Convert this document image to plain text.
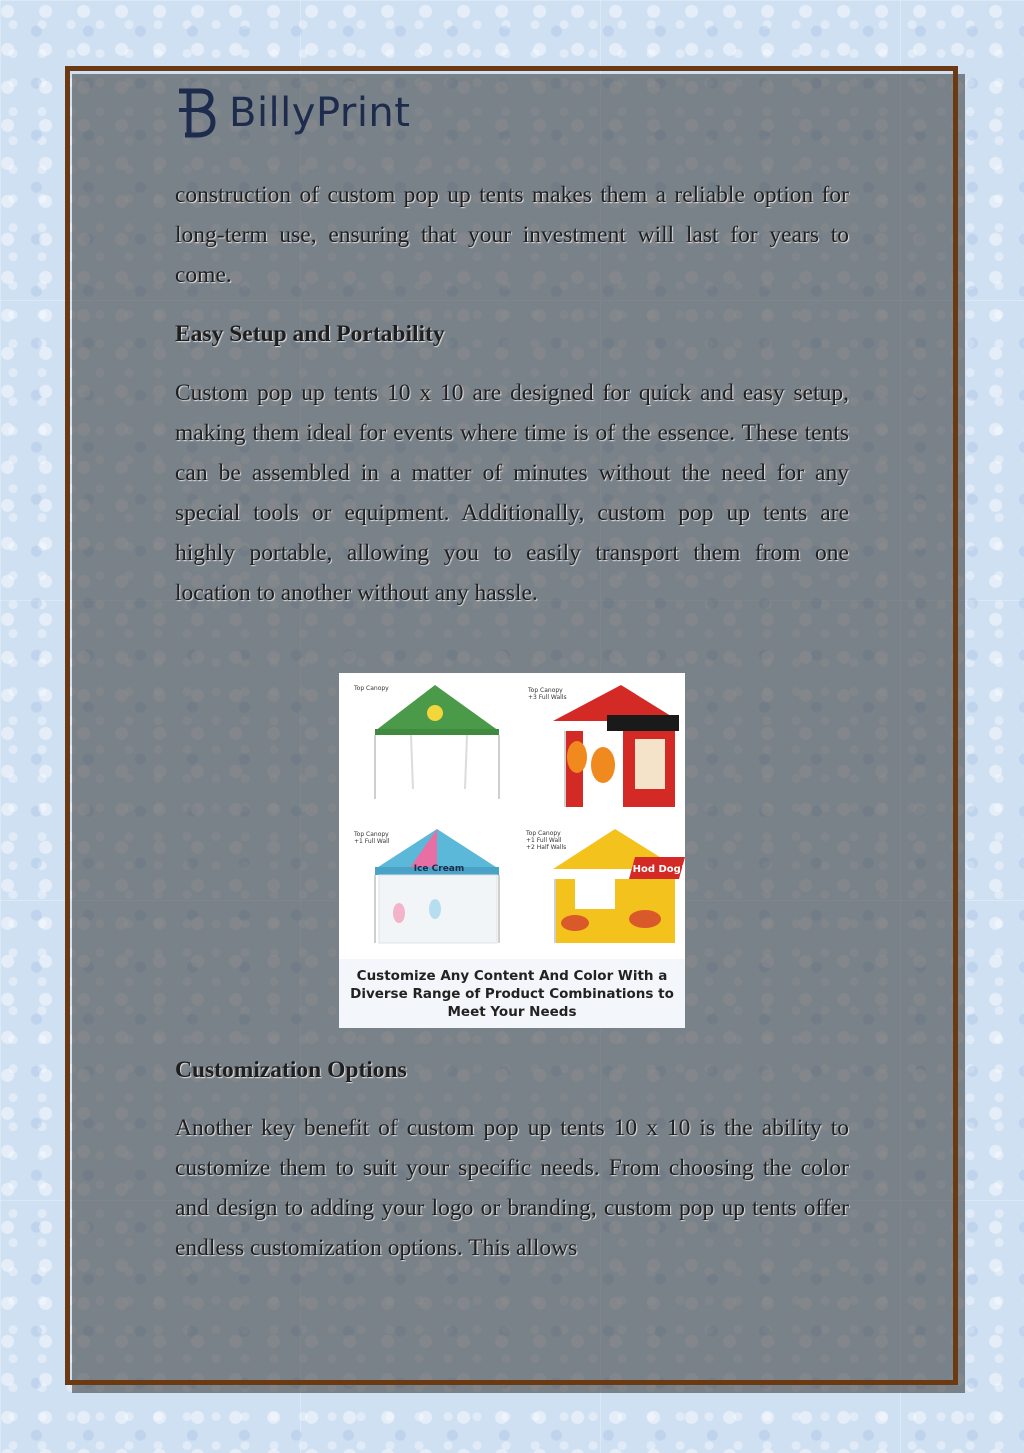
BillyPrint

construction of custom pop up tents makes them a reliable option for long-term use, ensuring that your investment will last for years to come.

Easy Setup and Portability

Custom pop up tents 10 x 10 are designed for quick and easy setup, making them ideal for events where time is of the essence. These tents can be assembled in a matter of minutes without the need for any special tools or equipment. Additionally, custom pop up tents are highly portable, allowing you to easily transport them from one location to another without any hassle.

Ice Cream	Hod Dog!
Top Canopy	Top Canopy
+3 Full Walls
Top Canopy
+1 Full Wall
Top Canopy
+1 Full Wall
+2 Half Walls
Customize Any Content And Color With a
Diverse Range of Product Combinations to
Meet Your Needs
Customization Options

Another key benefit of custom pop up tents 10 x 10 is the ability to customize them to suit your specific needs. From choosing the color and design to adding your logo or branding, custom pop up tents offer endless customization options. This allows
